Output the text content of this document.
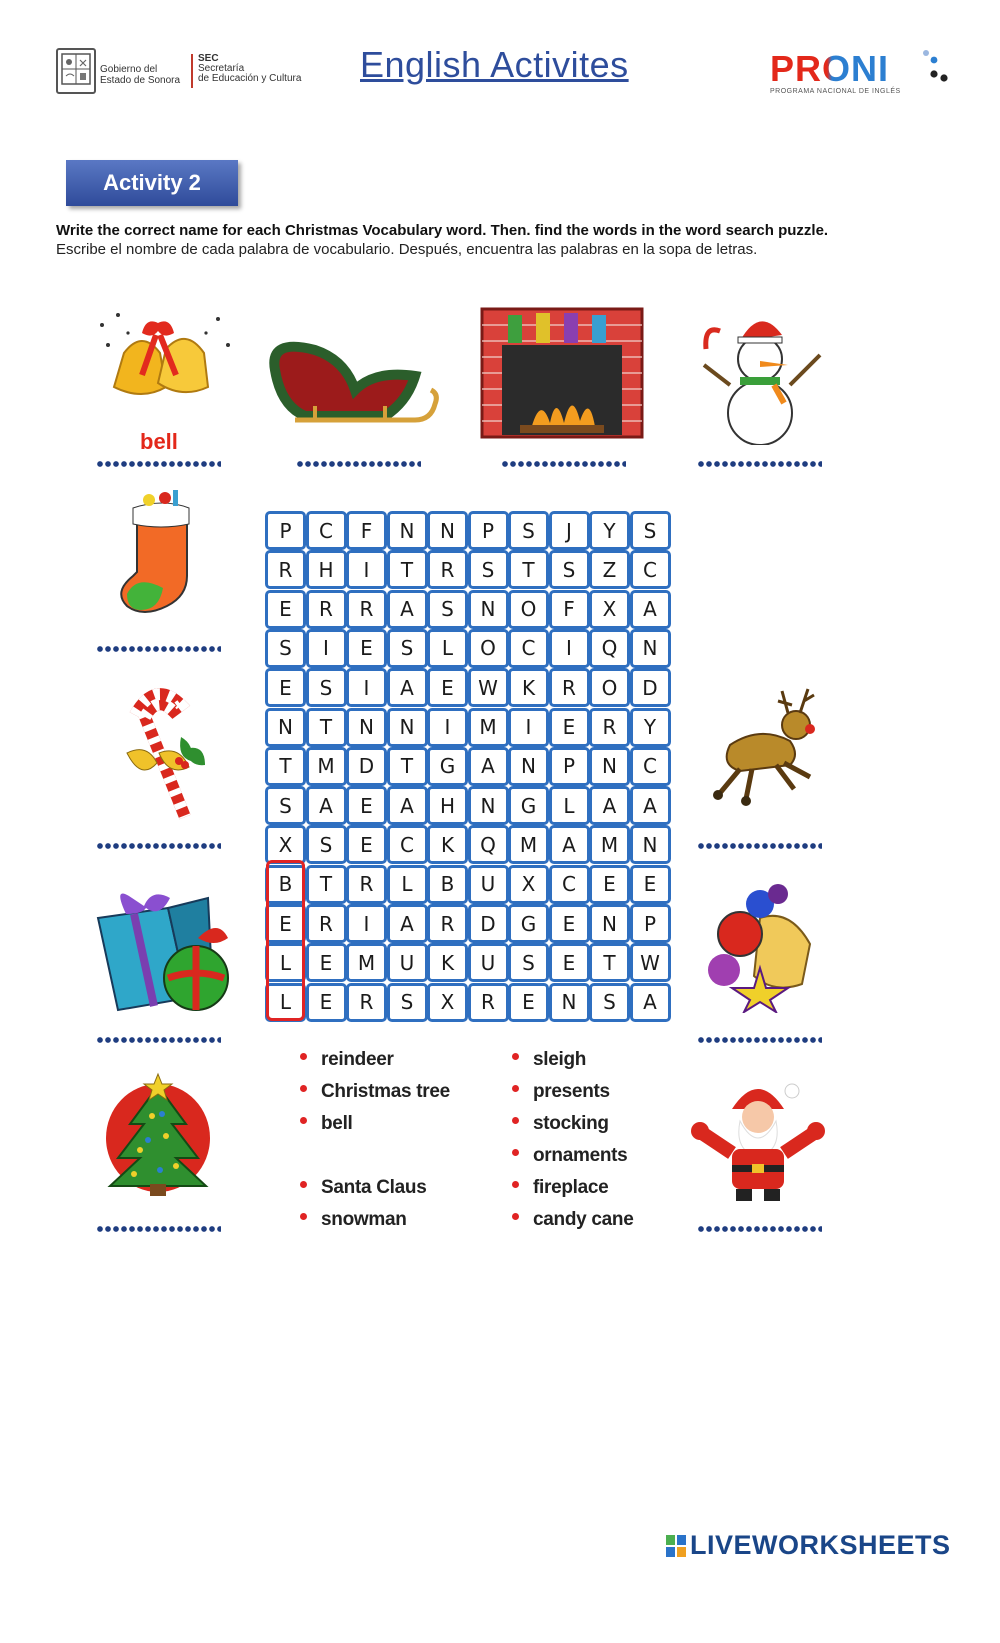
Gobierno del
Estado de Sonora
SEC
Secretaría
de Educación y Cultura English Activites	PRONI
PROGRAMA NACIONAL DE INGLÉS
Activity 2
Write the correct name for each Christmas Vocabulary word. Then. find the words in the word search puzzle.
Escribe el nombre de cada palabra de vocabulario. Después, encuentra las palabras en la sopa de letras.
bell
P	C	F	N	N	P	S	J	Y	S
R	H	I	T	R	S	T	S	Z	C
E	R	R	A	S	N	O	F	X	A
S	I	E	S	L	O	C	I	Q	N
E	S	I	A	E	W	K	R	O	D
N	T	N	N	I	M	I	E	R	Y
T	M	D	T	G	A	N	P	N	C
S	A	E	A	H	N	G	L	A	A
X	S	E	C	K	Q	M	A	M	N
B	T	R	L	B	U	X	C	E	E
E	R	I	A	R	D	G	E	N	P
L	E	M	U	K	U	S	E	T	W
L	E	R	S	X	R	E	N	S	A
reindeer
Christmas tree
bell
Santa Claus
snowman
sleigh
presents
stocking
ornaments
fireplace
candy cane
LIVEWORKSHEETS
